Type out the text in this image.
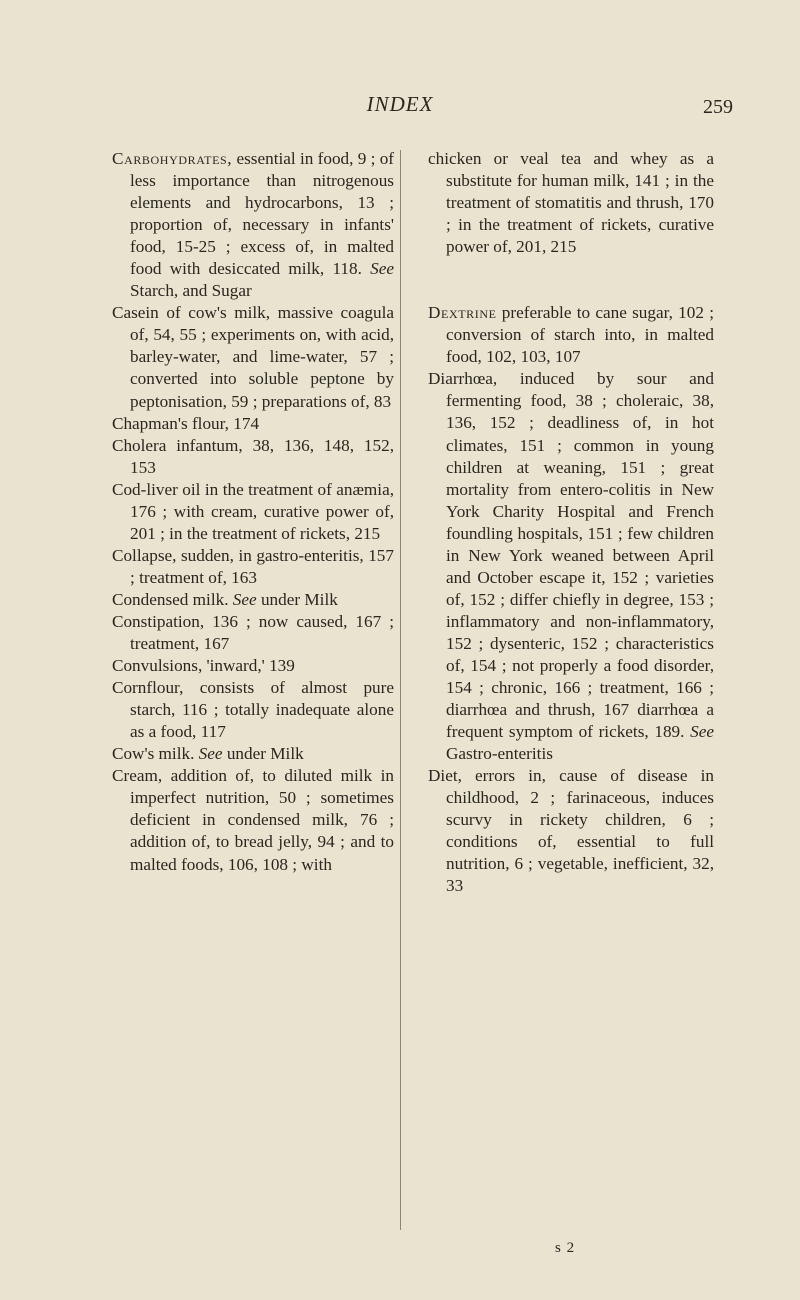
INDEX	259

Carbohydrates, essential in food, 9 ; of less importance than nitrogenous elements and hydrocarbons, 13 ; proportion of, necessary in infants' food, 15-25 ; excess of, in malted food with desiccated milk, 118. See Starch, and Sugar

Casein of cow's milk, massive coagula of, 54, 55 ; experiments on, with acid, barley-water, and lime-water, 57 ; converted into soluble peptone by peptonisation, 59 ; preparations of, 83

Chapman's flour, 174

Cholera infantum, 38, 136, 148, 152, 153

Cod-liver oil in the treatment of anæmia, 176 ; with cream, curative power of, 201 ; in the treatment of rickets, 215

Collapse, sudden, in gastro-enteritis, 157 ; treatment of, 163

Condensed milk. See under Milk

Constipation, 136 ; now caused, 167 ; treatment, 167

Convulsions, 'inward,' 139

Cornflour, consists of almost pure starch, 116 ; totally inadequate alone as a food, 117

Cow's milk. See under Milk

Cream, addition of, to diluted milk in imperfect nutrition, 50 ; sometimes deficient in condensed milk, 76 ; addition of, to bread jelly, 94 ; and to malted foods, 106, 108 ; with

chicken or veal tea and whey as a substitute for human milk, 141 ; in the treatment of stomatitis and thrush, 170 ; in the treatment of rickets, curative power of, 201, 215

Dextrine preferable to cane sugar, 102 ; conversion of starch into, in malted food, 102, 103, 107

Diarrhœa, induced by sour and fermenting food, 38 ; choleraic, 38, 136, 152 ; deadliness of, in hot climates, 151 ; common in young children at weaning, 151 ; great mortality from entero-colitis in New York Charity Hospital and French foundling hospitals, 151 ; few children in New York weaned between April and October escape it, 152 ; varieties of, 152 ; differ chiefly in degree, 153 ; inflammatory and non-inflammatory, 152 ; dysenteric, 152 ; characteristics of, 154 ; not properly a food disorder, 154 ; chronic, 166 ; treatment, 166 ; diarrhœa and thrush, 167 diarrhœa a frequent symptom of rickets, 189. See Gastro-enteritis

Diet, errors in, cause of disease in childhood, 2 ; farinaceous, induces scurvy in rickety children, 6 ; conditions of, essential to full nutrition, 6 ; vegetable, inefficient, 32, 33

s 2
